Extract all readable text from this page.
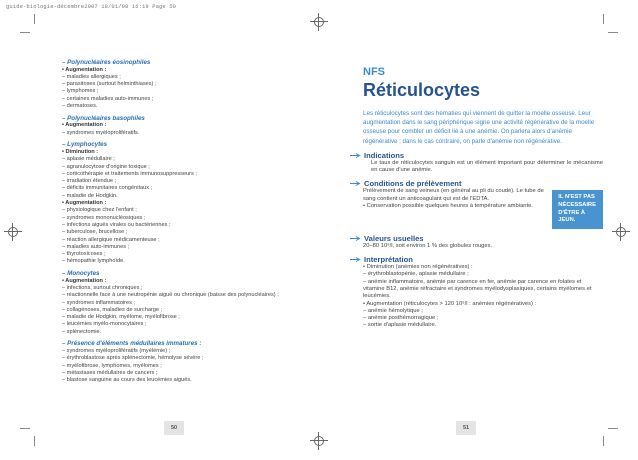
guide-biologie-décembre2007 18/01/08 16:19 Page 50
– Polynucléaires éosinophiles
• Augmentation :
– maladies allergiques ;
– parasitoses (surtout helminthiases) ;
– lymphomes ;
– certaines maladies auto-immunes ;
– dermatoses.
– Polynucléaires basophiles
• Augmentation :
– syndromes myéloprolifératifs.
– Lymphocytes
• Diminution :
– aplasie médullaire ;
– agranulocytose d'origine toxique ;
– corticothérapie et traitements immunosuppresseurs ;
– irradiation étendue ;
– déficits immunitaires congénitaux ;
– maladie de Hodgkin.
• Augmentation :
– physiologique chez l'enfant ;
– syndromes mononucléosiques ;
– infections aiguës virales ou bactériennes ;
– tuberculose, brucellose ;
– réaction allergique médicamenteuse ;
– maladies auto-immunes ;
– thyrotoxicoses ;
– hémopathie lymphoïde.
– Monocytes
• Augmentation :
– infections, surtout chroniques ;
– réactionnelle face à une neutropénie aiguë ou chronique (baisse des polynucléaires) ;
– syndromes inflammatoires ;
– collagénoses, maladies de surcharge ;
– maladie de Hodgkin, myélome, myélofibrose ;
– leucémies myélo-monocytaires ;
– splénectomie.
– Présence d'éléments médullaires immatures :
– syndromes myéloprolifératifs (myélémie) ;
– érythroblastose après splénectomie, hémolyse sévère ;
– myélofibrose, lymphomes, myélomes ;
– métastases médullaires de cancers ;
– blastose sanguine au cours des leucémies aiguës.
50
NFS
Réticulocytes
Les réticulocytes sont des hématies qui viennent de quitter la moelle osseuse. Leur augmentation dans le sang périphérique signe une activité régénérative de la moelle osseuse pour combler un déficit lié à une anémie. On parlera alors d'anémie régénérative ; dans le cas contraire, on parle d'anémie non régénérative.
Indications
Le taux de réticulocytes sanguin est un élément important pour déterminer le mécanisme en cause d'une anémie.
Conditions de prélèvement
Prélèvement de sang veineux (en général au pli du coude). Le tube de sang contient un anticoagulant qui est de l'EDTA.
• Conservation possible quelques heures à température ambiante.
IL N'EST PAS NÉCESSAIRE D'ÊTRE À JEUN.
Valeurs usuelles
20–80 10⁹/l, soit environ 1 % des globules rouges.
Interprétation
• Diminution (anémies non régénératives) :
– érythroblastopénie, aplasie médullaire ;
– anémie inflammatoire, anémie par carence en fer, anémie par carence en folates et vitamine B12, anémie réfractaire et syndromes myélodysplasiques, certains myélomes et leucémies.
• Augmentation (réticulocytes > 120 10⁹/l : anémies régénératives) :
– anémie hémolytique ;
– anémie posthémorragique ;
– sortie d'aplasie médullaire.
51
